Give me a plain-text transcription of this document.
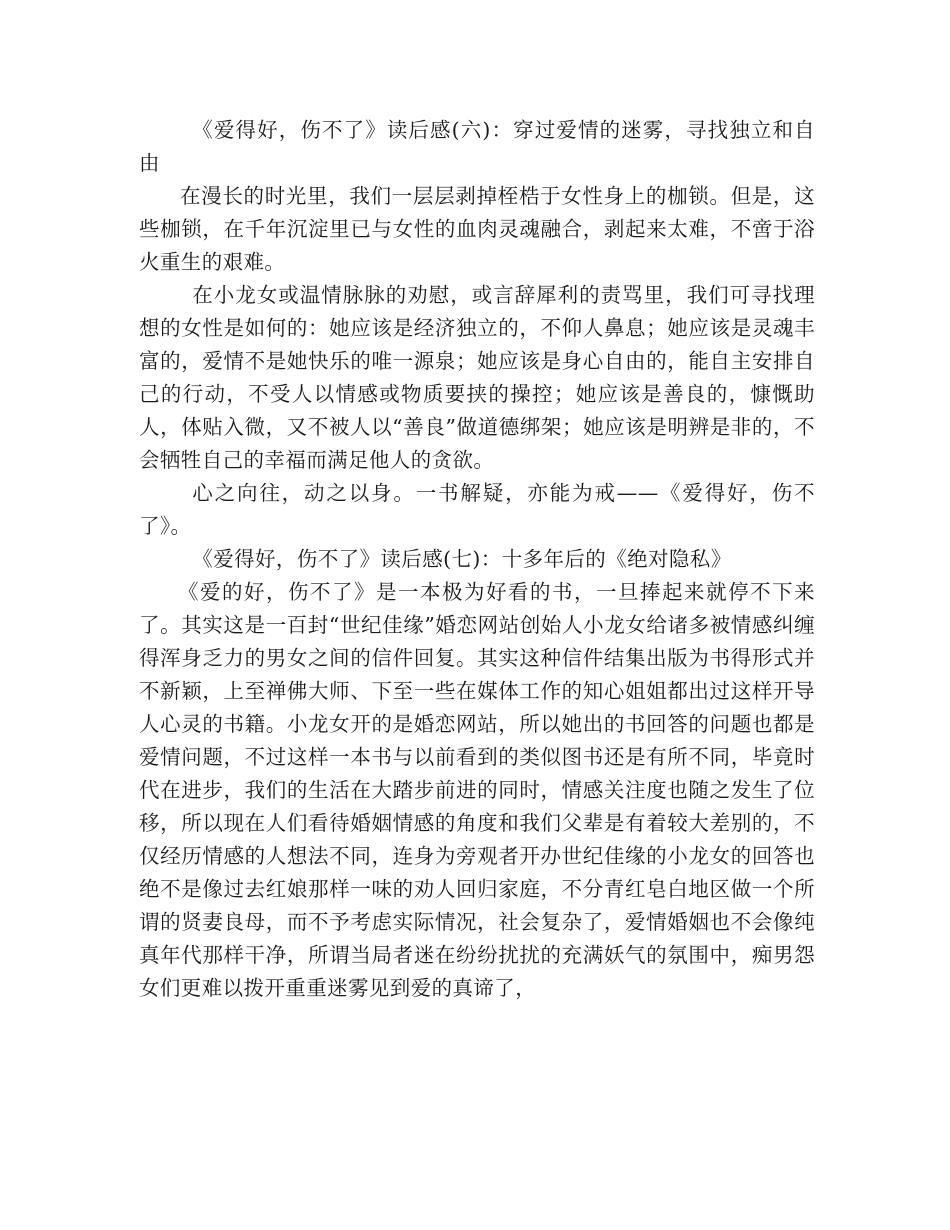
《爱得好，伤不了》读后感(六)：穿过爱情的迷雾，寻找独立和自由

在漫长的时光里，我们一层层剥掉桎梏于女性身上的枷锁。但是，这些枷锁，在千年沉淀里已与女性的血肉灵魂融合，剥起来太难，不啻于浴火重生的艰难。

在小龙女或温情脉脉的劝慰，或言辞犀利的责骂里，我们可寻找理想的女性是如何的：她应该是经济独立的，不仰人鼻息；她应该是灵魂丰富的，爱情不是她快乐的唯一源泉；她应该是身心自由的，能自主安排自己的行动，不受人以情感或物质要挟的操控；她应该是善良的，慷慨助人，体贴入微，又不被人以“善良”做道德绑架；她应该是明辨是非的，不会牺牲自己的幸福而满足他人的贪欲。

心之向往，动之以身。一书解疑，亦能为戒——《爱得好，伤不了》。

《爱得好，伤不了》读后感(七)：十多年后的《绝对隐私》

《爱的好，伤不了》是一本极为好看的书，一旦捧起来就停不下来了。其实这是一百封“世纪佳缘”婚恋网站创始人小龙女给诸多被情感纠缠得浑身乏力的男女之间的信件回复。其实这种信件结集出版为书得形式并不新颖，上至禅佛大师、下至一些在媒体工作的知心姐姐都出过这样开导人心灵的书籍。小龙女开的是婚恋网站，所以她出的书回答的问题也都是爱情问题，不过这样一本书与以前看到的类似图书还是有所不同，毕竟时代在进步，我们的生活在大踏步前进的同时，情感关注度也随之发生了位移，所以现在人们看待婚姻情感的角度和我们父辈是有着较大差别的，不仅经历情感的人想法不同，连身为旁观者开办世纪佳缘的小龙女的回答也绝不是像过去红娘那样一味的劝人回归家庭，不分青红皂白地区做一个所谓的贤妻良母，而不予考虑实际情况，社会复杂了，爱情婚姻也不会像纯真年代那样干净，所谓当局者迷在纷纷扰扰的充满妖气的氛围中，痴男怨女们更难以拨开重重迷雾见到爱的真谛了，
